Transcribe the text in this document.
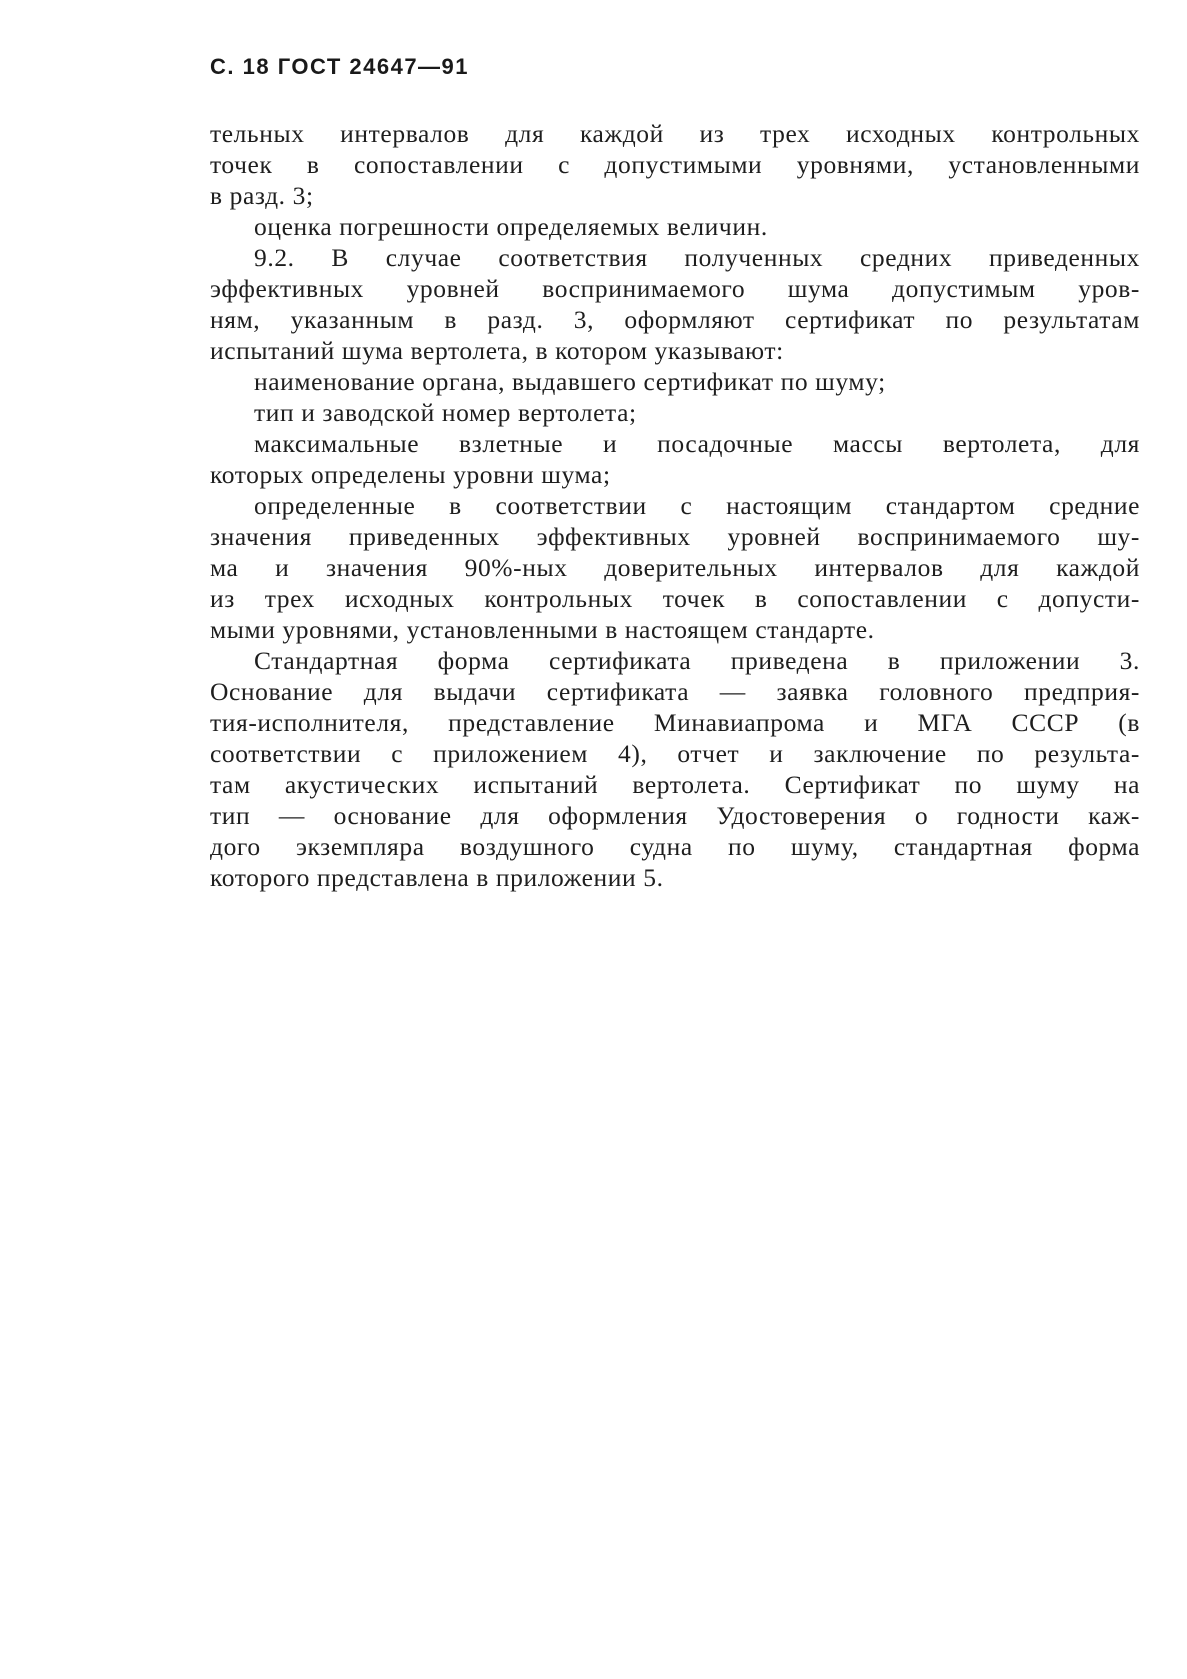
С. 18 ГОСТ 24647—91
тельных интервалов для каждой из трех исходных контрольных
точек в сопоставлении с допустимыми уровнями, установленными
в разд. 3;
оценка погрешности определяемых величин.
9.2. В случае соответствия полученных средних приведенных
эффективных уровней воспринимаемого шума допустимым уров-
ням, указанным в разд. 3, оформляют сертификат по результатам
испытаний шума вертолета, в котором указывают:
наименование органа, выдавшего сертификат по шуму;
тип и заводской номер вертолета;
максимальные взлетные и посадочные массы вертолета, для
которых определены уровни шума;
определенные в соответствии с настоящим стандартом средние
значения приведенных эффективных уровней воспринимаемого шу-
ма и значения 90%-ных доверительных интервалов для каждой
из трех исходных контрольных точек в сопоставлении с допусти-
мыми уровнями, установленными в настоящем стандарте.
Стандартная форма сертификата приведена в приложении 3.
Основание для выдачи сертификата — заявка головного предприя-
тия-исполнителя, представление Минавиапрома и МГА СССР (в
соответствии с приложением 4), отчет и заключение по результа-
там акустических испытаний вертолета. Сертификат по шуму на
тип — основание для оформления Удостоверения о годности каж-
дого экземпляра воздушного судна по шуму, стандартная форма
которого представлена в приложении 5.
